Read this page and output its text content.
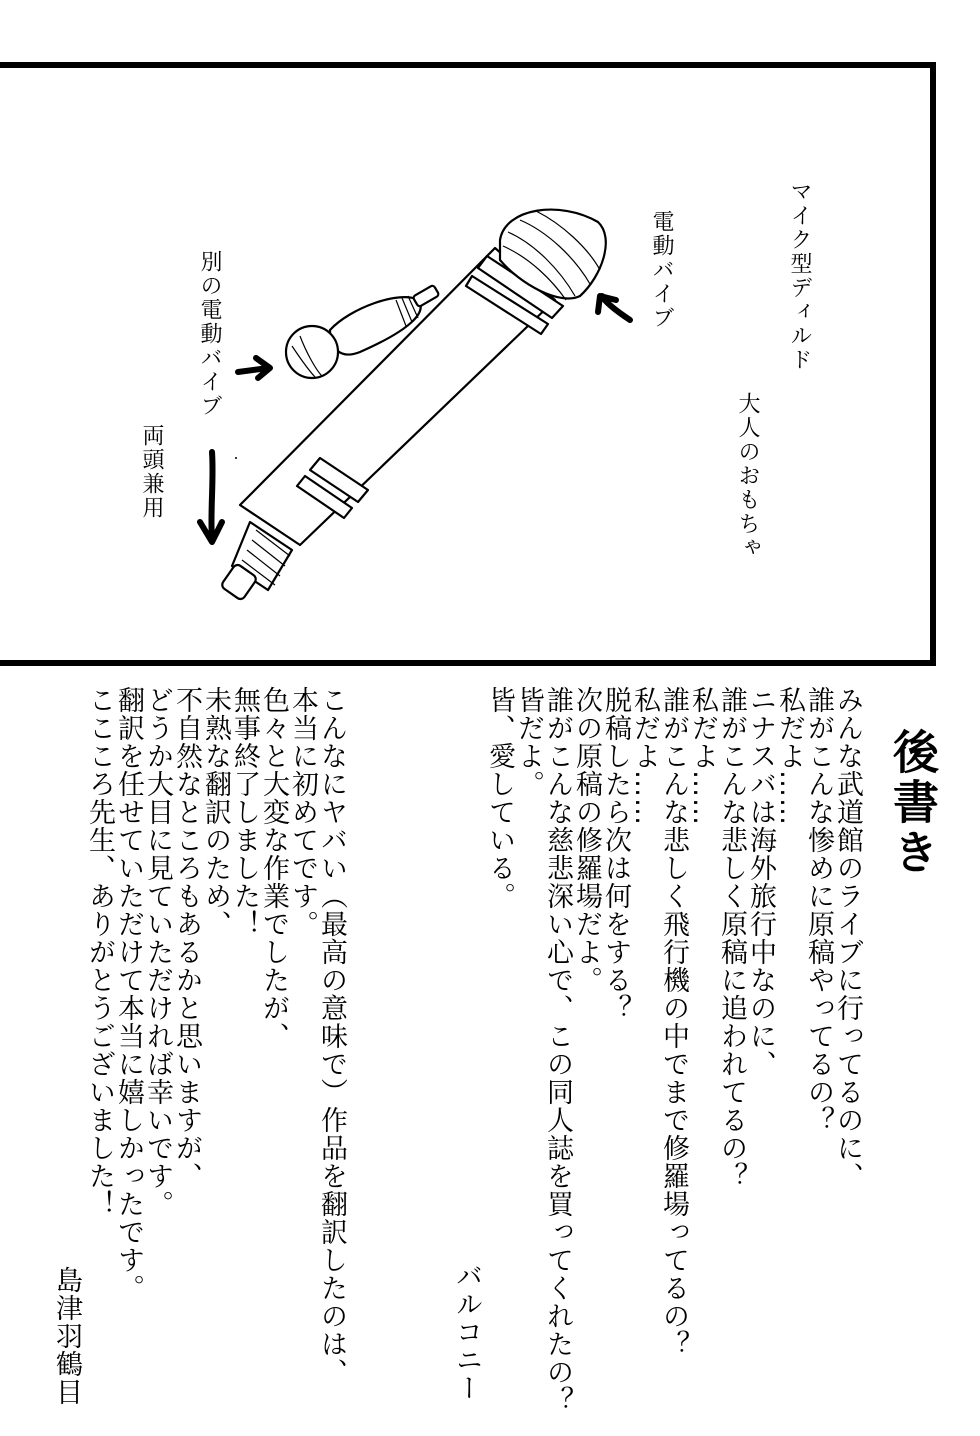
マイク型ディルド
大人のおもちゃ
電動バイブ
別の電動バイブ
両頭兼用
後書き
みんな武道館のライブに行ってるのに、
誰がこんな惨めに原稿やってるの？
私だよ……
ニナスバは海外旅行中なのに、
誰がこんな悲しく原稿に追われてるの？
私だよ……
誰がこんな悲しく飛行機の中でまで修羅場ってるの？
私だよ……
脱稿したら次は何をする？
次の原稿の修羅場だよ。
誰がこんな慈悲深い心で、この同人誌を買ってくれたの？
皆だよ。
皆、愛している。
バルコニー
こんなにヤバい（最高の意味で）作品を翻訳したのは、
本当に初めてです。
色々と大変な作業でしたが、
無事終了しました！
未熟な翻訳のため、
不自然なところもあるかと思いますが、
どうか大目に見ていただければ幸いです。
翻訳を任せていただけて本当に嬉しかったです。
ここころ先生、ありがとうございました！
島津羽鶴目
